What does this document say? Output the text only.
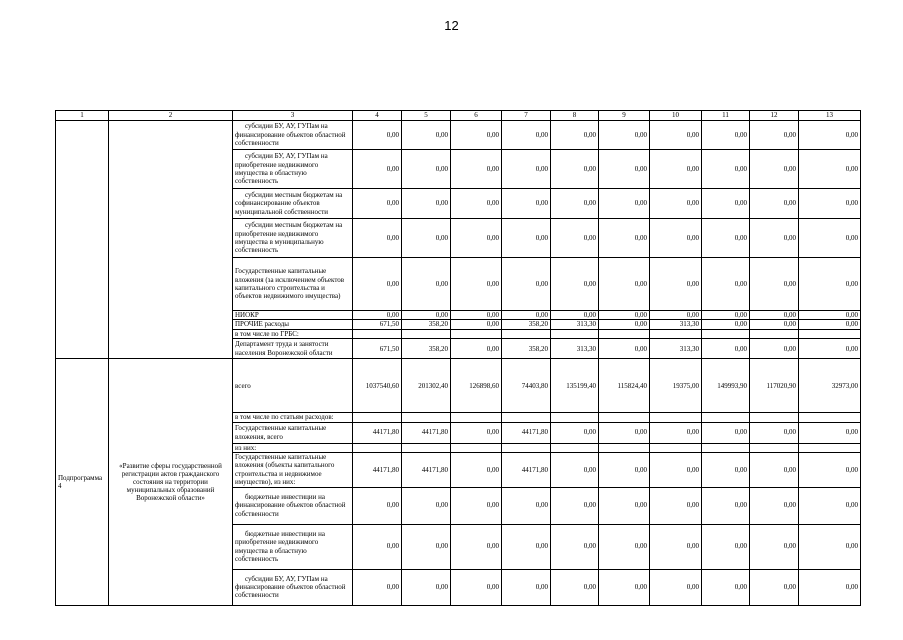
12
1	2	3	4	5	6	7	8	9	10	11	12	13
		субсидии БУ, АУ, ГУПам на финансирование объектов областной собственности	0,00	0,00	0,00	0,00	0,00	0,00	0,00	0,00	0,00	0,00
		субсидии БУ, АУ, ГУПам на приобретение недвижимого имущества в областную собственность	0,00	0,00	0,00	0,00	0,00	0,00	0,00	0,00	0,00	0,00
		субсидии местным бюджетам на софинансирование объектов муниципальной собственности	0,00	0,00	0,00	0,00	0,00	0,00	0,00	0,00	0,00	0,00
		субсидии местным бюджетам на приобретение недвижимого имущества в муниципальную собственность	0,00	0,00	0,00	0,00	0,00	0,00	0,00	0,00	0,00	0,00
		Государственные капитальные вложения (за исключением объектов капитального строительства и объектов недвижимого имущества)	0,00	0,00	0,00	0,00	0,00	0,00	0,00	0,00	0,00	0,00
		НИОКР	0,00	0,00	0,00	0,00	0,00	0,00	0,00	0,00	0,00	0,00
		ПРОЧИЕ расходы	671,50	358,20	0,00	358,20	313,30	0,00	313,30	0,00	0,00	0,00
		в том числе по ГРБС:										
		Департамент труда и занятости населения Воронежской области	671,50	358,20	0,00	358,20	313,30	0,00	313,30	0,00	0,00	0,00
Подпрограмма 4	«Развитие сферы государственной регистрации актов гражданского состояния на территории муниципальных образований Воронежской области»	всего	1037540,60	201302,40	126898,60	74403,80	135199,40	115824,40	19375,00	149993,90	117020,90	32973,00
		в том числе по статьям расходов:										
		Государственные капитальные вложения, всего	44171,80	44171,80	0,00	44171,80	0,00	0,00	0,00	0,00	0,00	0,00
		из них:										
		Государственные капитальные вложения (объекты капитального строительства и недвижимое имущество), из них:	44171,80	44171,80	0,00	44171,80	0,00	0,00	0,00	0,00	0,00	0,00
		бюджетные инвестиции на финансирование объектов областной собственности	0,00	0,00	0,00	0,00	0,00	0,00	0,00	0,00	0,00	0,00
		бюджетные инвестиции на приобретение недвижимого имущества в областную собственность	0,00	0,00	0,00	0,00	0,00	0,00	0,00	0,00	0,00	0,00
		субсидии БУ, АУ, ГУПам на финансирование объектов областной собственности	0,00	0,00	0,00	0,00	0,00	0,00	0,00	0,00	0,00	0,00
